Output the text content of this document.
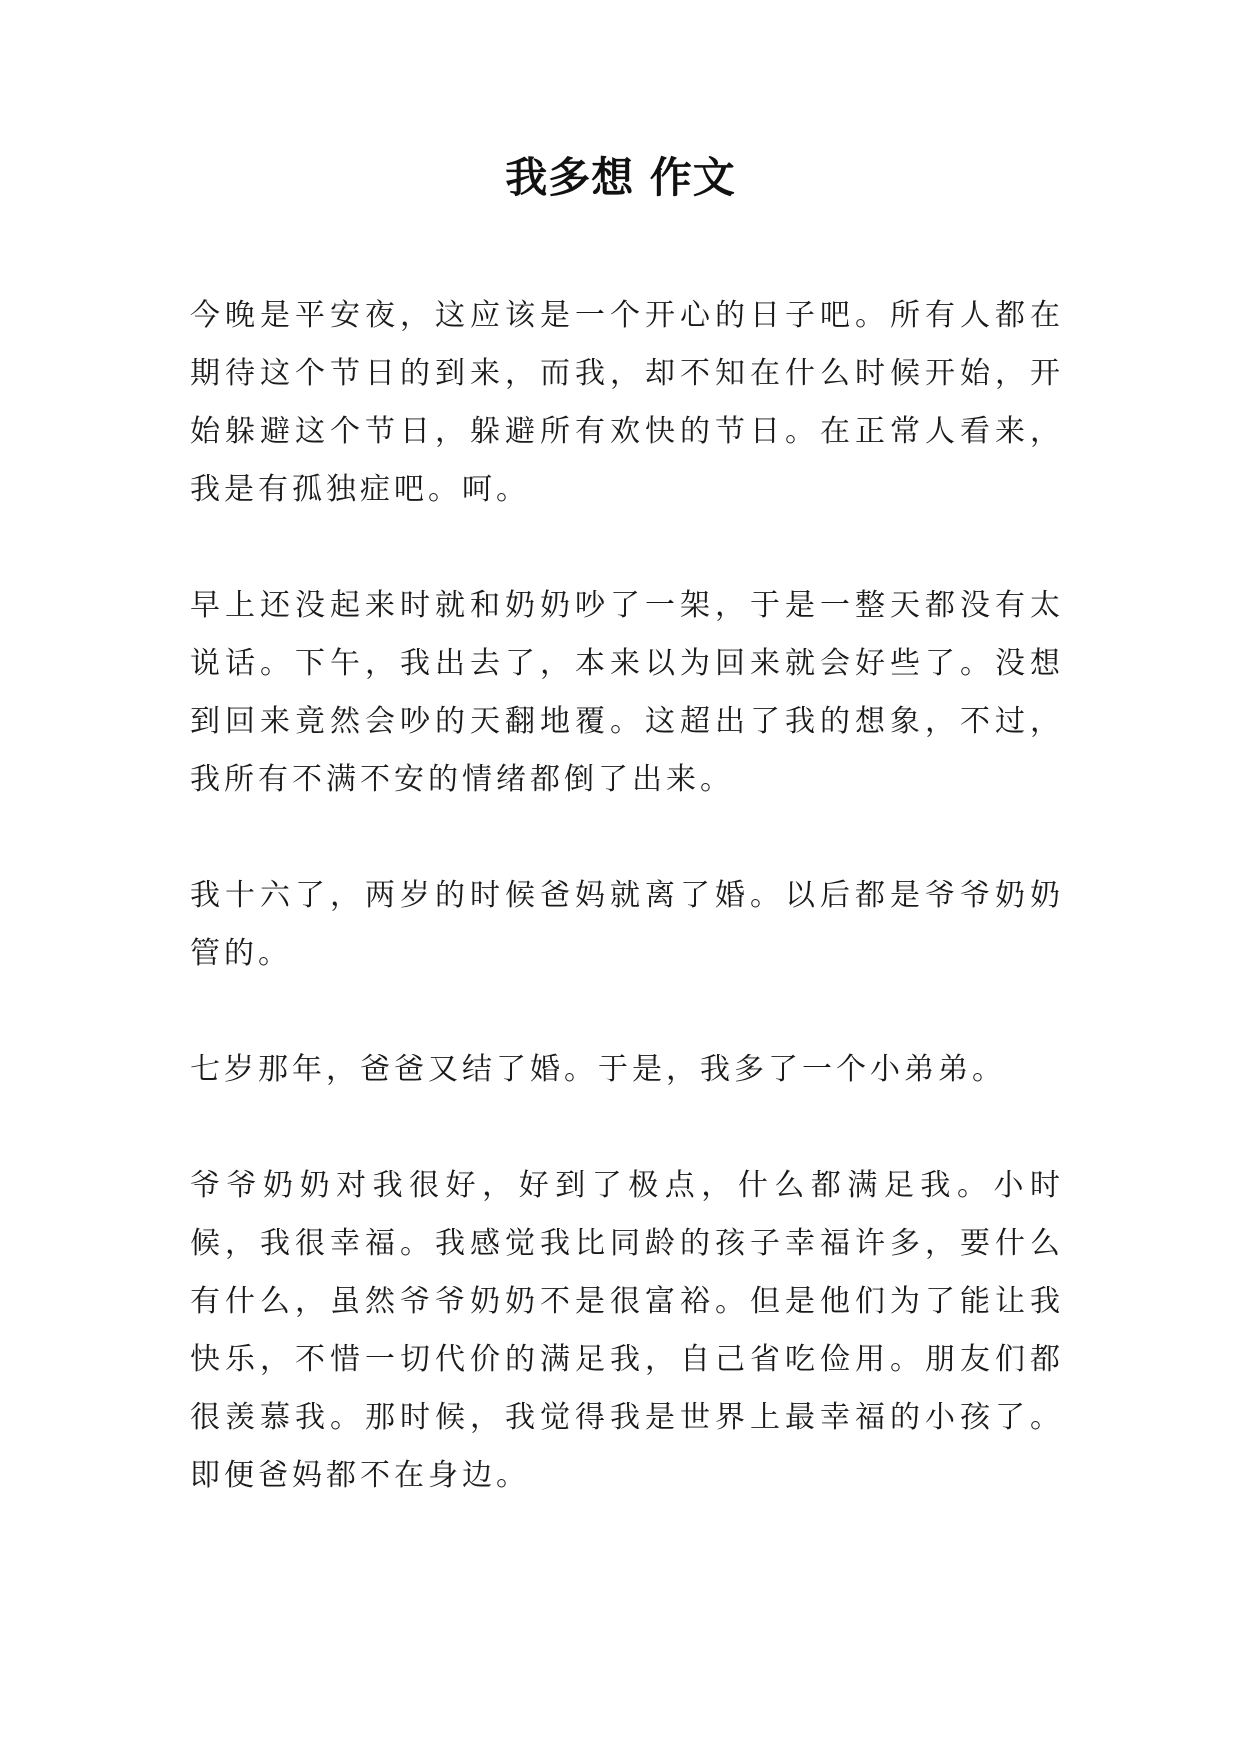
我多想 作文

今晚是平安夜，这应该是一个开心的日子吧。所有人都在期待这个节日的到来，而我，却不知在什么时候开始，开始躲避这个节日，躲避所有欢快的节日。在正常人看来，我是有孤独症吧。呵。

早上还没起来时就和奶奶吵了一架，于是一整天都没有太说话。下午，我出去了，本来以为回来就会好些了。没想到回来竟然会吵的天翻地覆。这超出了我的想象，不过，我所有不满不安的情绪都倒了出来。

我十六了，两岁的时候爸妈就离了婚。以后都是爷爷奶奶管的。

七岁那年，爸爸又结了婚。于是，我多了一个小弟弟。

爷爷奶奶对我很好，好到了极点，什么都满足我。小时候，我很幸福。我感觉我比同龄的孩子幸福许多，要什么有什么，虽然爷爷奶奶不是很富裕。但是他们为了能让我快乐，不惜一切代价的满足我，自己省吃俭用。朋友们都很羡慕我。那时候，我觉得我是世界上最幸福的小孩了。即便爸妈都不在身边。
